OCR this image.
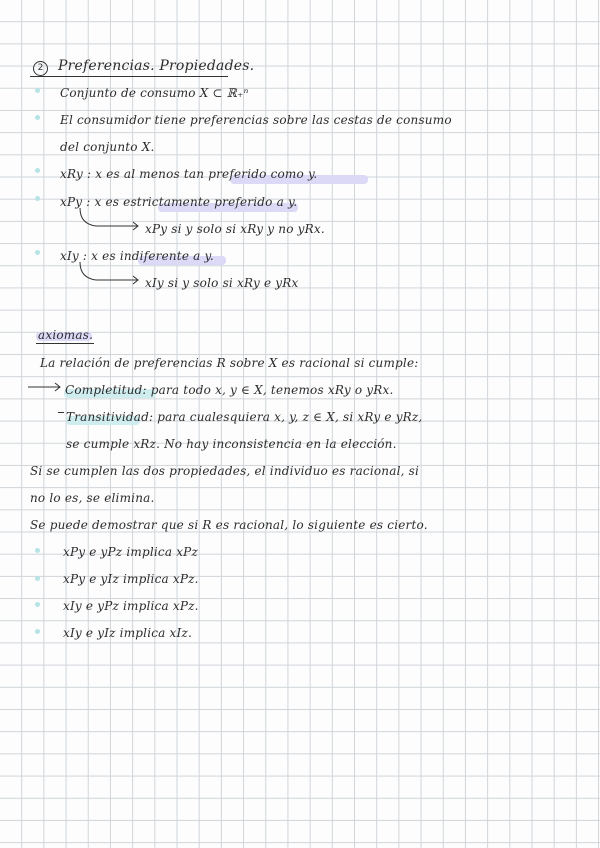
2	Preferencias. Propiedades.
Conjunto de consumo X ⊂ ℝ₊ⁿ
El consumidor tiene preferencias sobre las cestas de consumo
del conjunto X.
xRy : x es al menos tan preferido como y.
xPy : x es estrictamente preferido a y.
xPy si y solo si xRy y no yRx.
xIy : x es indiferente a y.
xIy si y solo si xRy e yRx
axiomas.
La relación de preferencias R sobre X es racional si cumple:
Completitud: para todo x, y ∈ X, tenemos xRy o yRx.
Transitividad: para cualesquiera x, y, z ∈ X, si xRy e yRz,
se cumple xRz. No hay inconsistencia en la elección.
Si se cumplen las dos propiedades, el individuo es racional, si
no lo es, se elimina.
Se puede demostrar que si R es racional, lo siguiente es cierto.
xPy e yPz implica xPz
xPy e yIz implica xPz.
xIy e yPz implica xPz.
xIy e yIz implica xIz.
